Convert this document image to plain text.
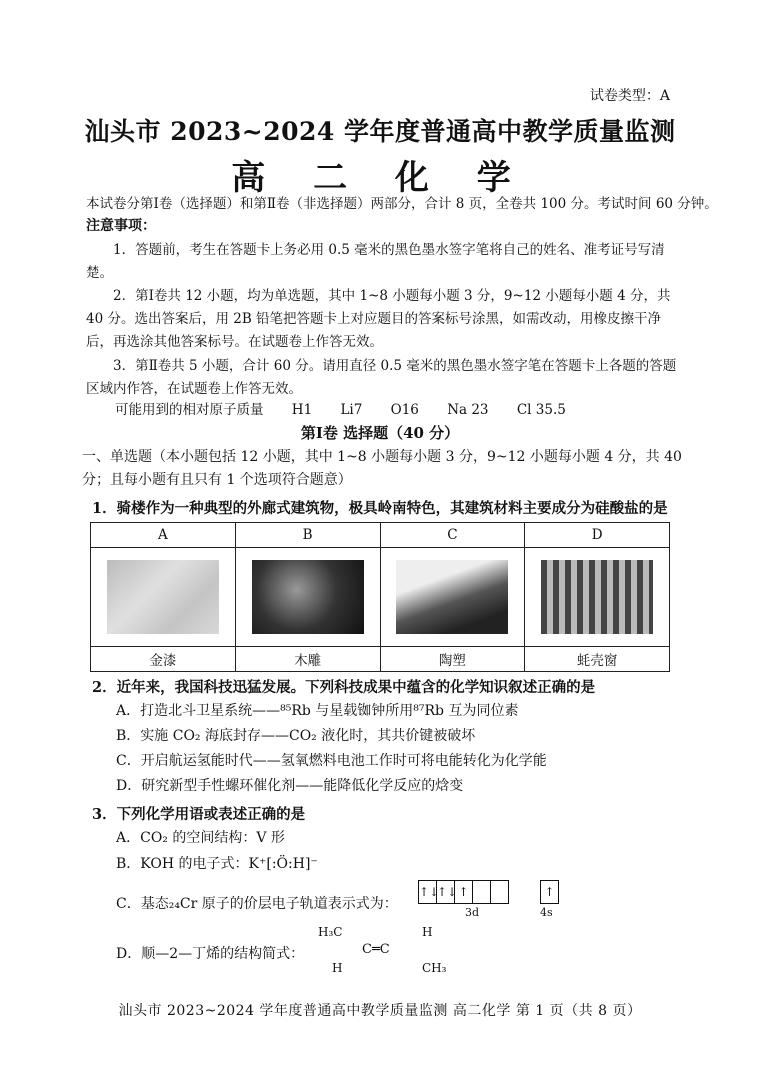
试卷类型：A
汕头市 2023~2024 学年度普通高中教学质量监测
高 二 化 学
本试卷分第Ⅰ卷（选择题）和第Ⅱ卷（非选择题）两部分，合计 8 页，全卷共 100 分。考试时间 60 分钟。
注意事项：
1．答题前，考生在答题卡上务必用 0.5 毫米的黑色墨水签字笔将自己的姓名、准考证号写清楚。
2．第Ⅰ卷共 12 小题，均为单选题，其中 1~8 小题每小题 3 分，9~12 小题每小题 4 分，共 40 分。选出答案后，用 2B 铅笔把答题卡上对应题目的答案标号涂黑，如需改动，用橡皮擦干净后，再选涂其他答案标号。在试题卷上作答无效。
3．第Ⅱ卷共 5 小题，合计 60 分。请用直径 0.5 毫米的黑色墨水签字笔在答题卡上各题的答题区域内作答，在试题卷上作答无效。
可能用到的相对原子质量 H1 Li7 O16 Na 23 Cl 35.5
第Ⅰ卷 选择题（40 分）
一、单选题（本小题包括 12 小题，其中 1~8 小题每小题 3 分，9~12 小题每小题 4 分，共 40 分；且每小题有且只有 1 个选项符合题意）
1．骑楼作为一种典型的外廊式建筑物，极具岭南特色，其建筑材料主要成分为硅酸盐的是
A	B	C	D

金漆	木雕	陶塑	蚝壳窗
2．近年来，我国科技迅猛发展。下列科技成果中蕴含的化学知识叙述正确的是
A．打造北斗卫星系统——⁸⁵Rb 与星载铷钟所用⁸⁷Rb 互为同位素
B．实施 CO₂ 海底封存——CO₂ 液化时，其共价键被破坏
C．开启航运氢能时代——氢氧燃料电池工作时可将电能转化为化学能
D．研究新型手性螺环催化剂——能降低化学反应的焓变
3．下列化学用语或表述正确的是
A．CO₂ 的空间结构：V 形
B．KOH 的电子式：K⁺[:Ö:H]⁻
C．基态₂₄Cr 原子的价层电子轨道表示式为：
↑↓
↑↓ ↑	↑
3d	4s
D．顺—2—丁烯的结构简式：
H₃C	H
C═C
H	CH₃
汕头市 2023~2024 学年度普通高中教学质量监测 高二化学 第 1 页（共 8 页）
